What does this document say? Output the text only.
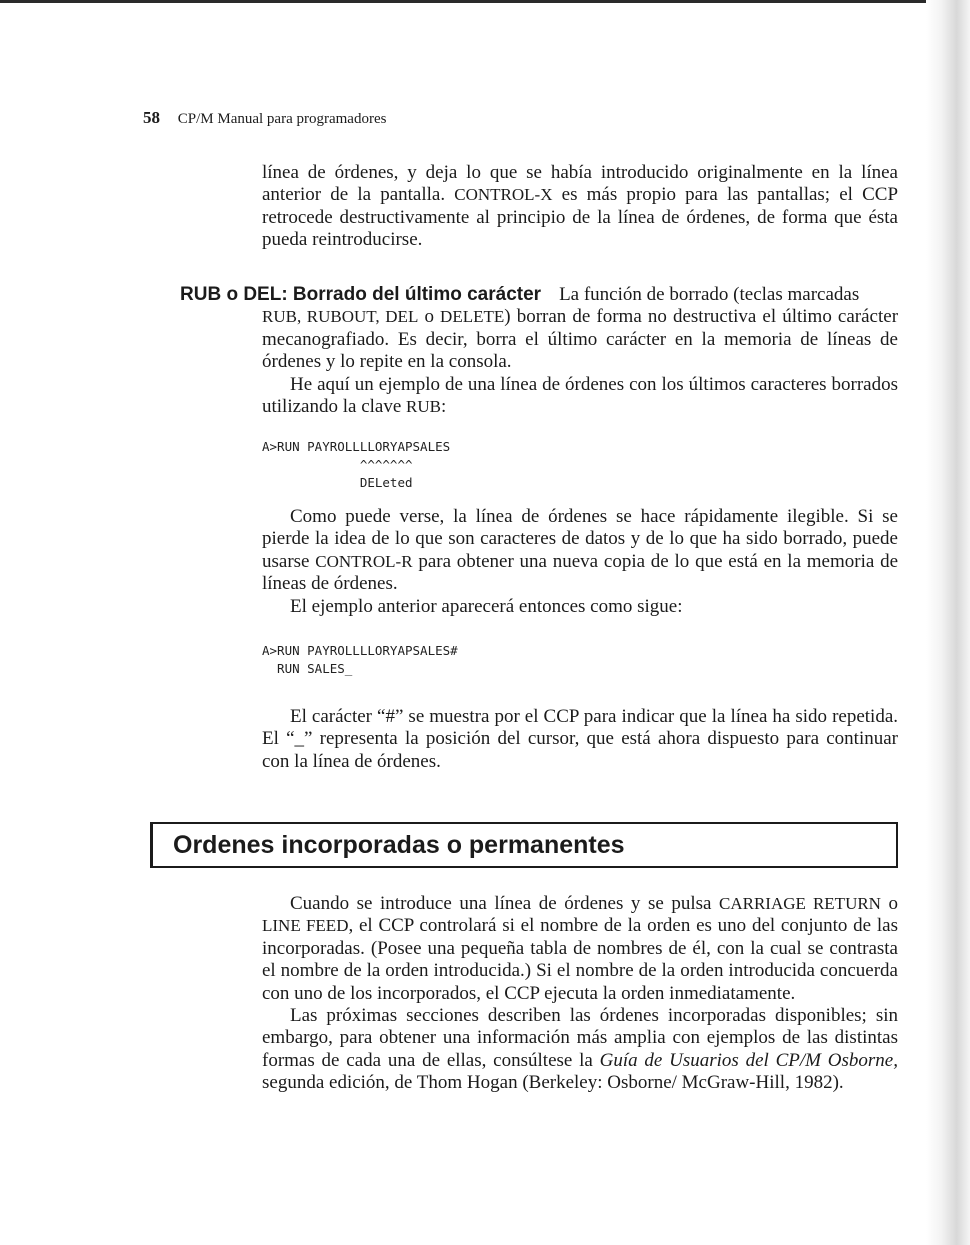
58 CP/M Manual para programadores

línea de órdenes, y deja lo que se había introducido originalmente en la línea anterior de la pantalla. CONTROL-X es más propio para las pantallas; el CCP retrocede destructivamente al principio de la línea de órdenes, de forma que ésta pueda reintroducirse.

RUB o DEL: Borrado del último carácter La función de borrado (teclas marcadas

RUB, RUBOUT, DEL o DELETE) borran de forma no destructiva el último carácter mecanografiado. Es decir, borra el último carácter en la memoria de líneas de órdenes y lo repite en la consola.

He aquí un ejemplo de una línea de órdenes con los últimos caracteres borrados utilizando la clave RUB:

A>RUN PAYROLLLLORYAPSALES
^^^^^^^
DELeted

Como puede verse, la línea de órdenes se hace rápidamente ilegible. Si se pierde la idea de lo que son caracteres de datos y de lo que ha sido borrado, puede usarse CONTROL-R para obtener una nueva copia de lo que está en la memoria de líneas de órdenes.

El ejemplo anterior aparecerá entonces como sigue:

A>RUN PAYROLLLLORYAPSALES#
RUN SALES_

El carácter “#” se muestra por el CCP para indicar que la línea ha sido repetida. El “_” representa la posición del cursor, que está ahora dispuesto para continuar con la línea de órdenes.

Ordenes incorporadas o permanentes

Cuando se introduce una línea de órdenes y se pulsa CARRIAGE RETURN o LINE FEED, el CCP controlará si el nombre de la orden es uno del conjunto de las incorporadas. (Posee una pequeña tabla de nombres de él, con la cual se contrasta el nombre de la orden introducida.) Si el nombre de la orden introducida concuerda con uno de los incorporados, el CCP ejecuta la orden inmediatamente.

Las próximas secciones describen las órdenes incorporadas disponibles; sin embargo, para obtener una información más amplia con ejemplos de las distintas formas de cada una de ellas, consúltese la Guía de Usuarios del CP/M Osborne, segunda edición, de Thom Hogan (Berkeley: Osborne/ McGraw-Hill, 1982).
